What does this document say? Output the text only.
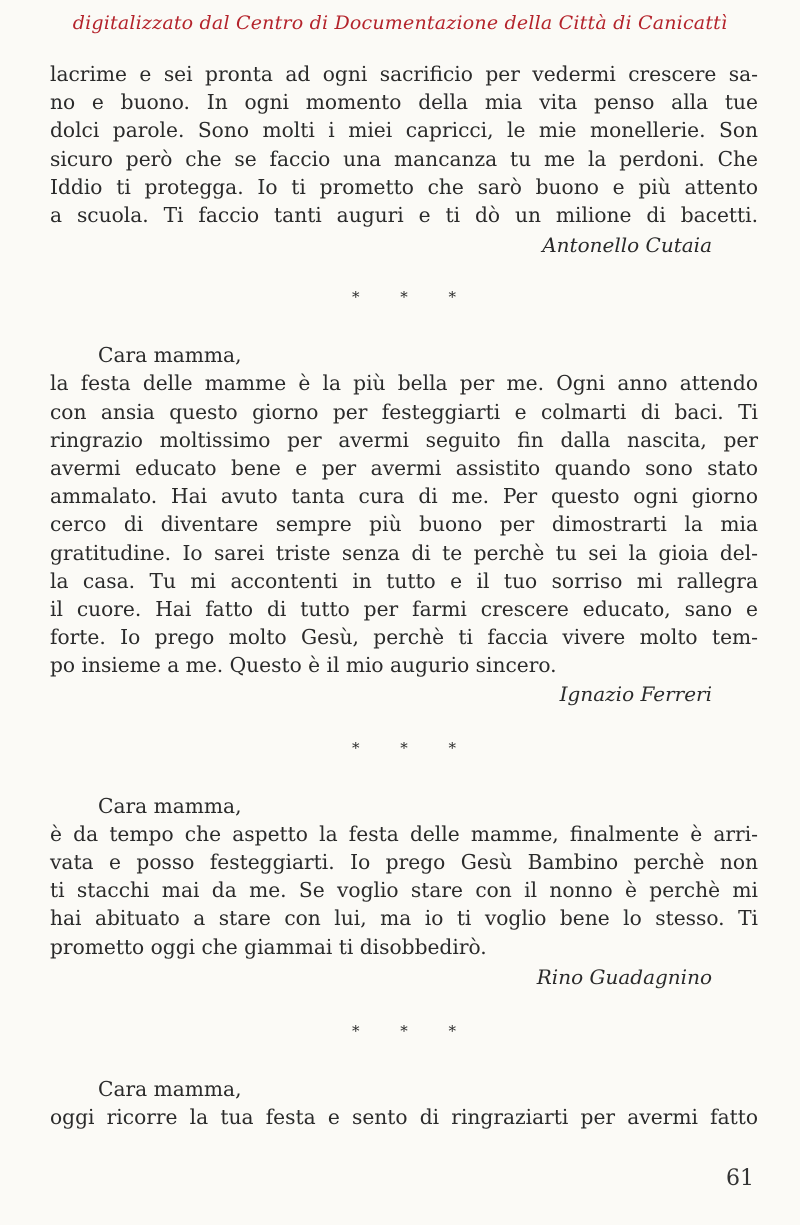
digitalizzato dal Centro di Documentazione della Città di Canicattì
lacrime e sei pronta ad ogni sacrificio per vedermi crescere sa-
no e buono. In ogni momento della mia vita penso alla tue
dolci parole. Sono molti i miei capricci, le mie monellerie. Son
sicuro però che se faccio una mancanza tu me la perdoni. Che
Iddio ti protegga. Io ti prometto che sarò buono e più attento
a scuola. Ti faccio tanti auguri e ti dò un milione di bacetti.
Antonello Cutaia
* * *
Cara mamma,
la festa delle mamme è la più bella per me. Ogni anno attendo
con ansia questo giorno per festeggiarti e colmarti di baci. Ti
ringrazio moltissimo per avermi seguito fin dalla nascita, per
avermi educato bene e per avermi assistito quando sono stato
ammalato. Hai avuto tanta cura di me. Per questo ogni giorno
cerco di diventare sempre più buono per dimostrarti la mia
gratitudine. Io sarei triste senza di te perchè tu sei la gioia del-
la casa. Tu mi accontenti in tutto e il tuo sorriso mi rallegra
il cuore. Hai fatto di tutto per farmi crescere educato, sano e
forte. Io prego molto Gesù, perchè ti faccia vivere molto tem-
po insieme a me. Questo è il mio augurio sincero.
Ignazio Ferreri
* * *
Cara mamma,
è da tempo che aspetto la festa delle mamme, finalmente è arri-
vata e posso festeggiarti. Io prego Gesù Bambino perchè non
ti stacchi mai da me. Se voglio stare con il nonno è perchè mi
hai abituato a stare con lui, ma io ti voglio bene lo stesso. Ti
prometto oggi che giammai ti disobbedirò.
Rino Guadagnino
* * *
Cara mamma,
oggi ricorre la tua festa e sento di ringraziarti per avermi fatto
61
